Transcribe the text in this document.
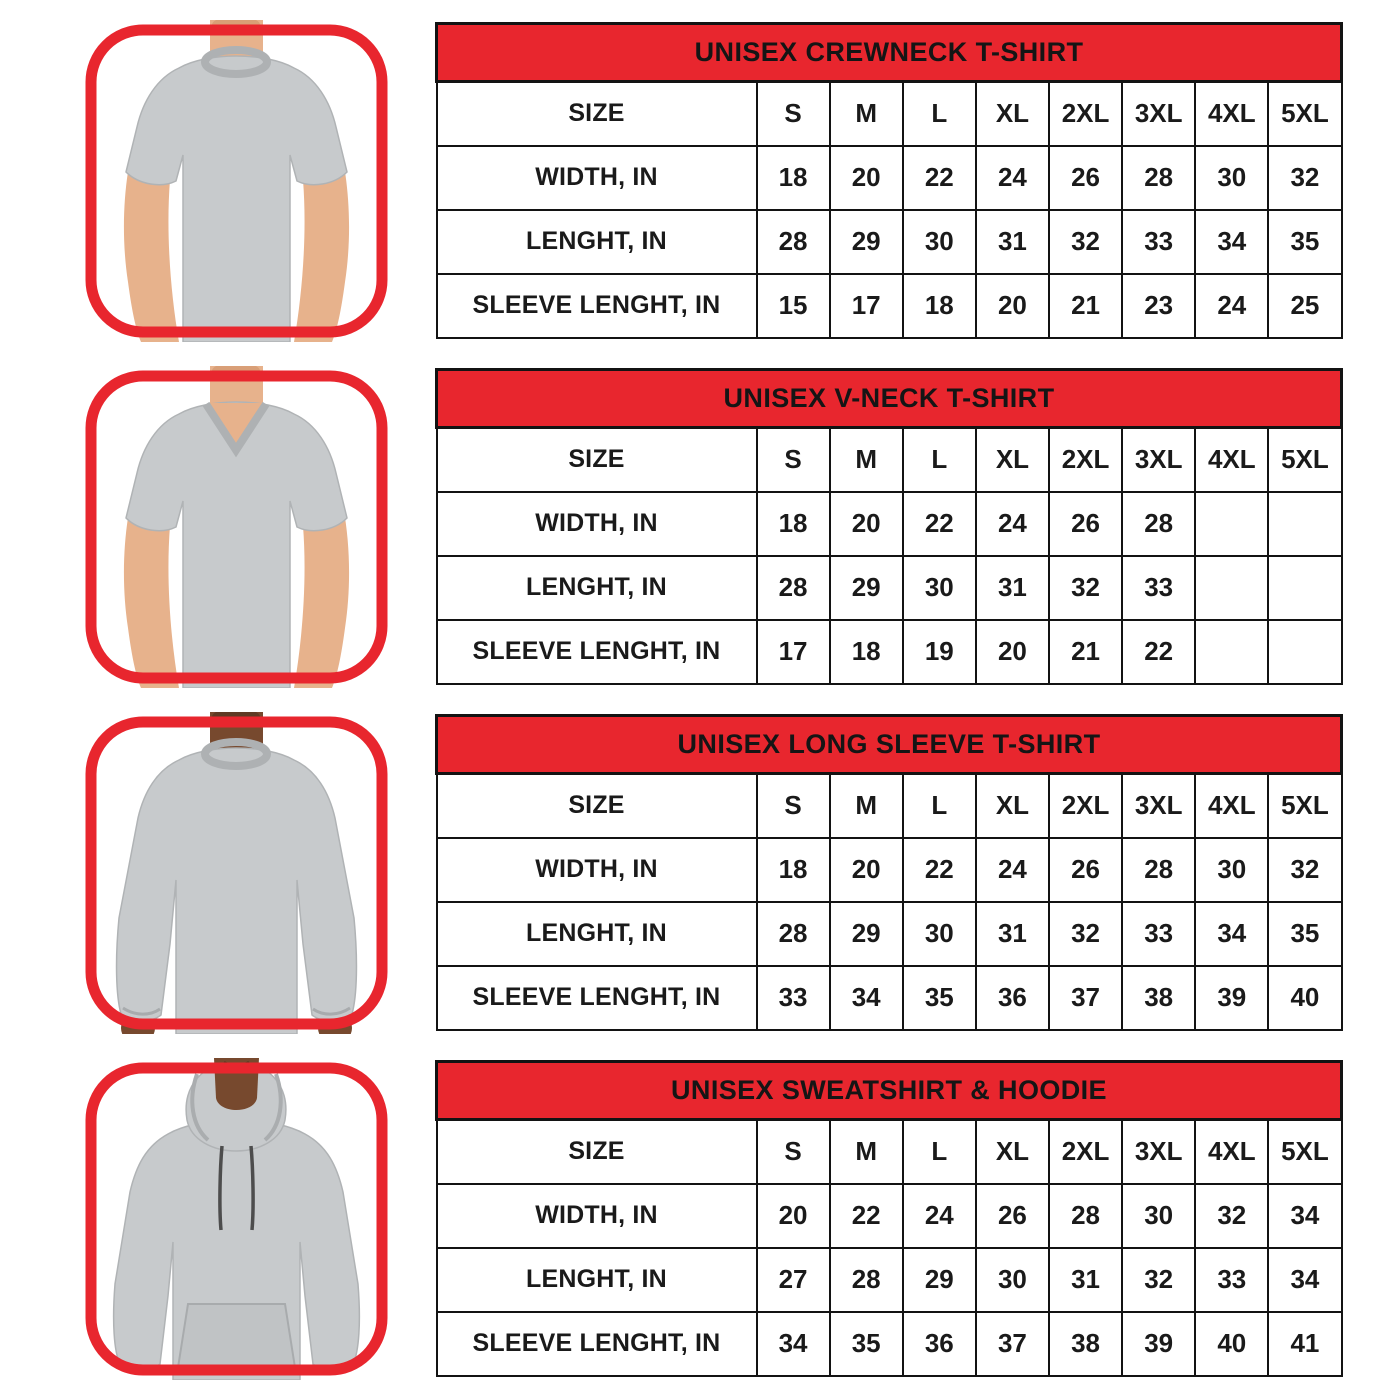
UNISEX CREWNECK T-SHIRT								
SIZE	S	M	L	XL	2XL	3XL	4XL	5XL
WIDTH, IN	18	20	22	24	26	28	30	32
LENGHT, IN	28	29	30	31	32	33	34	35
SLEEVE LENGHT, IN	15	17	18	20	21	23	24	25
UNISEX V-NECK T-SHIRT								
SIZE	S	M	L	XL	2XL	3XL	4XL	5XL
WIDTH, IN	18	20	22	24	26	28		
LENGHT, IN	28	29	30	31	32	33		
SLEEVE LENGHT, IN	17	18	19	20	21	22		
UNISEX LONG SLEEVE T-SHIRT								
SIZE	S	M	L	XL	2XL	3XL	4XL	5XL
WIDTH, IN	18	20	22	24	26	28	30	32
LENGHT, IN	28	29	30	31	32	33	34	35
SLEEVE LENGHT, IN	33	34	35	36	37	38	39	40
UNISEX SWEATSHIRT & HOODIE								
SIZE	S	M	L	XL	2XL	3XL	4XL	5XL
WIDTH, IN	20	22	24	26	28	30	32	34
LENGHT, IN	27	28	29	30	31	32	33	34
SLEEVE LENGHT, IN	34	35	36	37	38	39	40	41
